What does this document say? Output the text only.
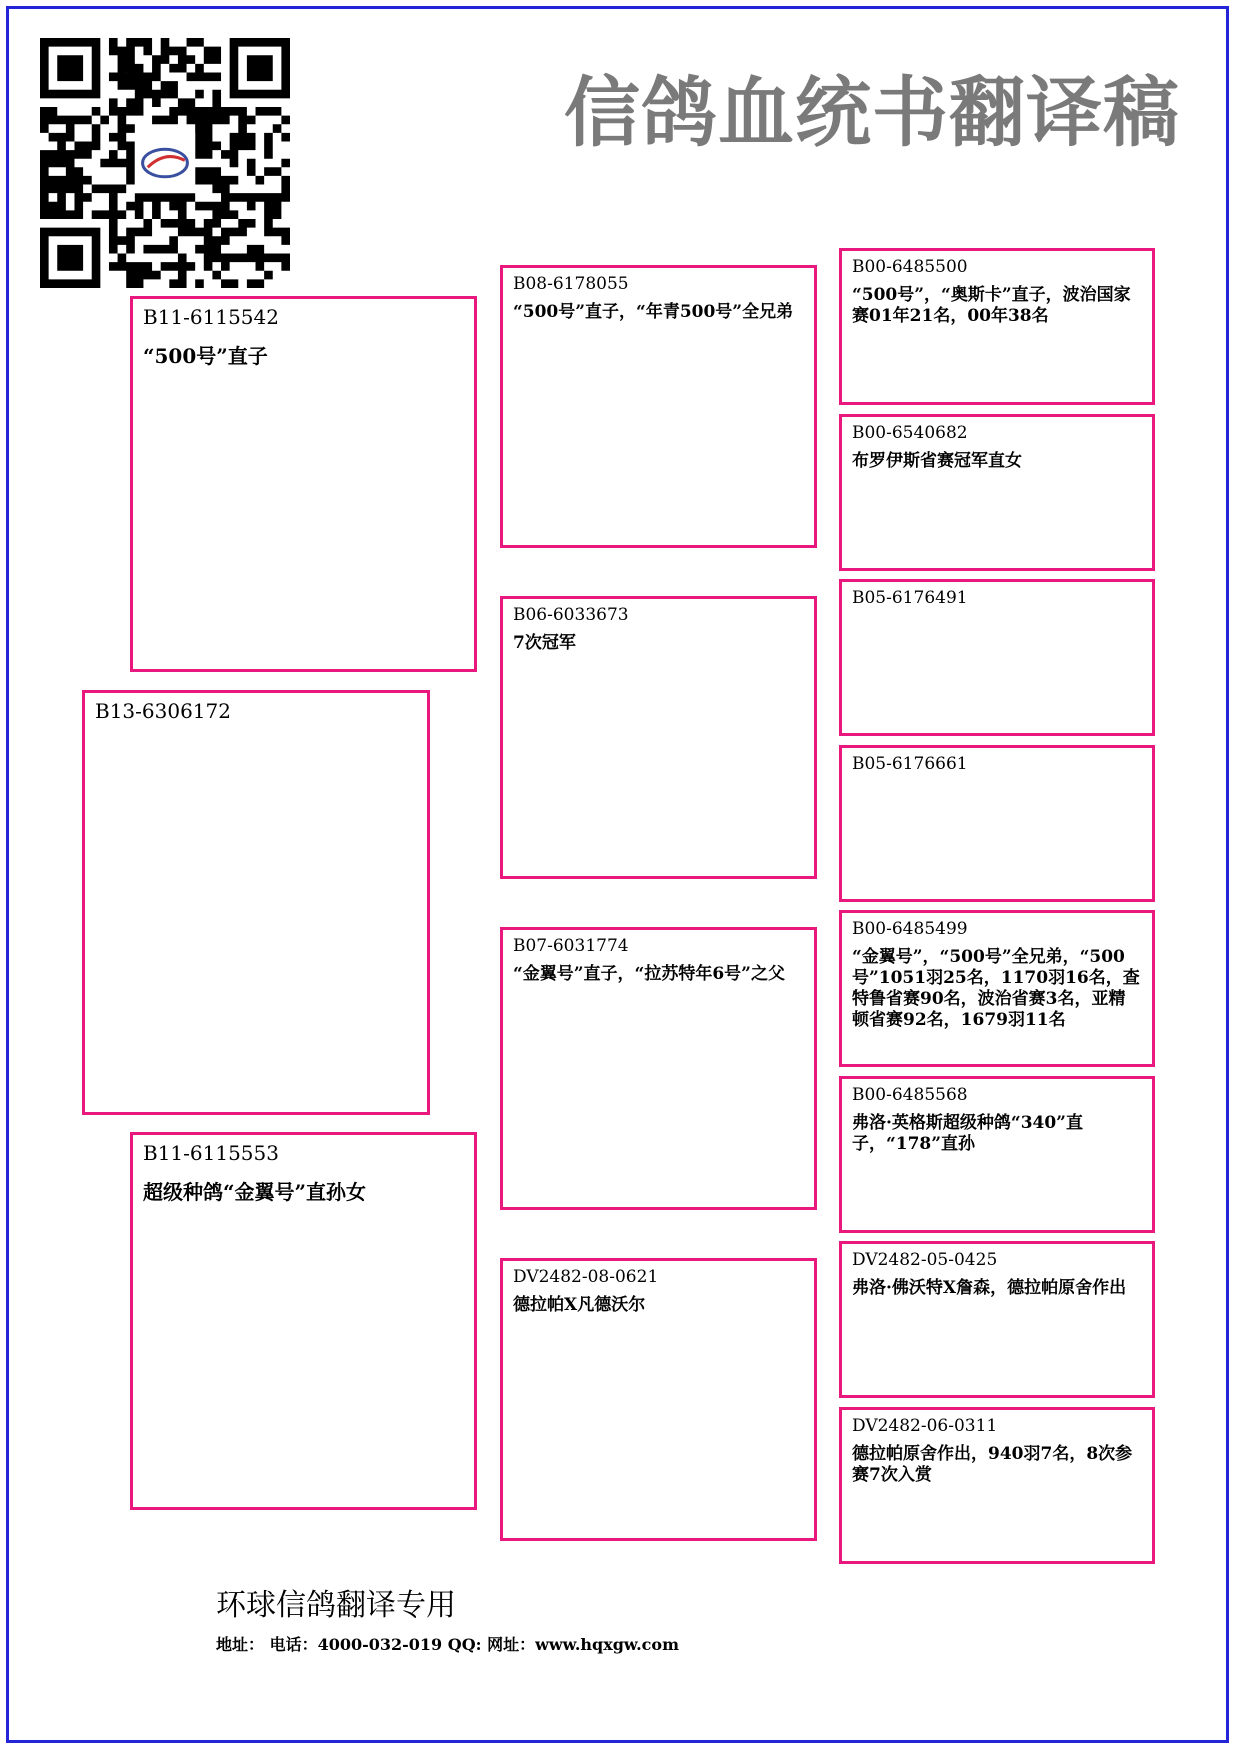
信鸽血统书翻译稿
B13-6306172
B11-6115542
“500号”直子
B11-6115553
超级种鸽“金翼号”直孙女
B08-6178055
“500号”直子，“年青500号”全兄弟
B06-6033673
7次冠军
B07-6031774
“金翼号”直子，“拉苏特年6号”之父
DV2482-08-0621
德拉帕X凡德沃尔
B00-6485500
“500号”，“奥斯卡”直子，波治国家赛01年21名，00年38名
B00-6540682
布罗伊斯省赛冠军直女
B05-6176491
B05-6176661
B00-6485499
“金翼号”，“500号”全兄弟，“500号”1051羽25名，1170羽16名，查特鲁省赛90名，波治省赛3名，亚精顿省赛92名，1679羽11名
B00-6485568
弗洛·英格斯超级种鸽“340”直子，“178”直孙
DV2482-05-0425
弗洛·佛沃特X詹森，德拉帕原舍作出
DV2482-06-0311
德拉帕原舍作出，940羽7名，8次参赛7次入赏
环球信鸽翻译专用
地址： 电话：4000-032-019 QQ: 网址：www.hqxgw.com
